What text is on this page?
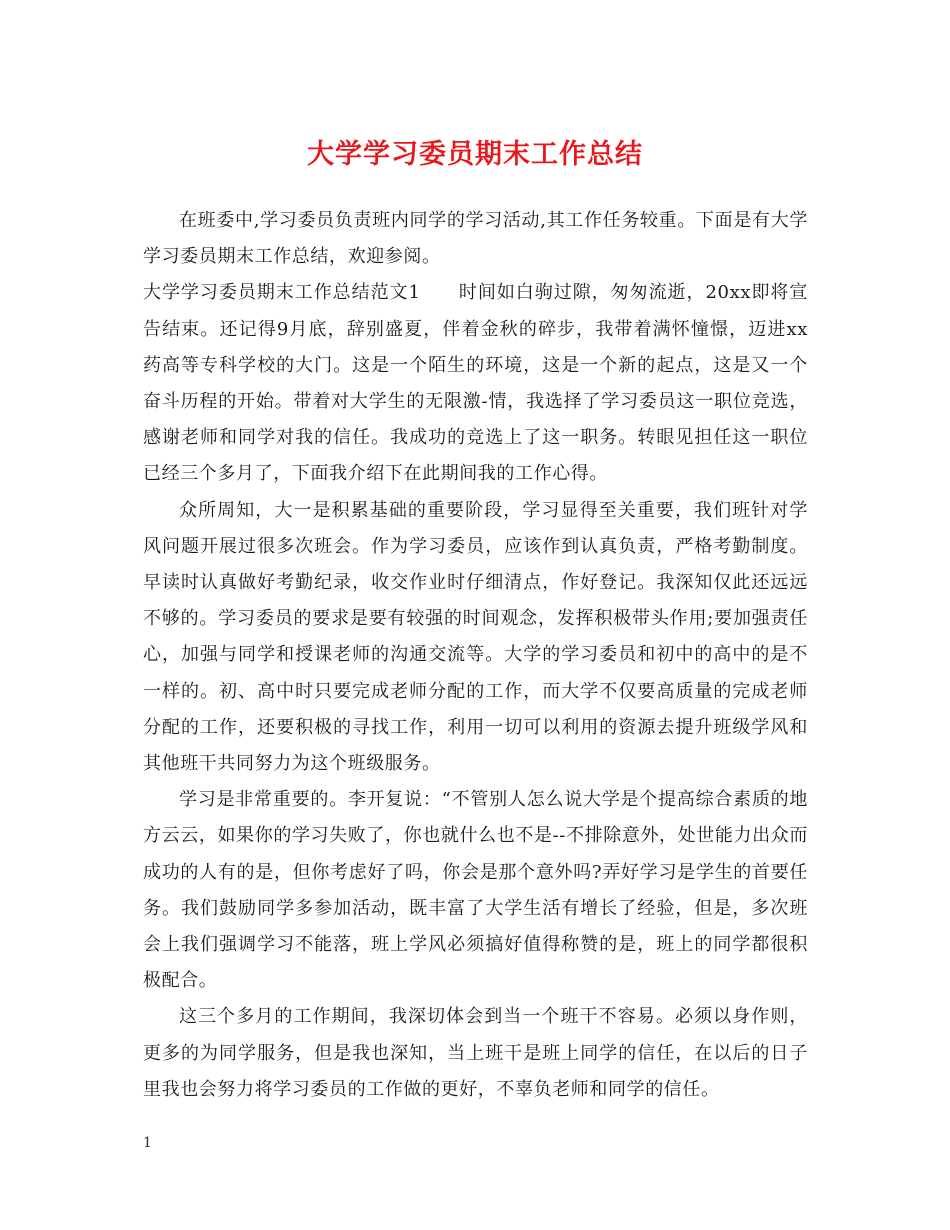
大学学习委员期末工作总结

在班委中,学习委员负责班内同学的学习活动,其工作任务较重。下面是有大学学习委员期末工作总结，欢迎参阅。

大学学习委员期末工作总结范文1　　时间如白驹过隙，匆匆流逝，20xx即将宣告结束。还记得9月底，辞别盛夏，伴着金秋的碎步，我带着满怀憧憬，迈进xx药高等专科学校的大门。这是一个陌生的环境，这是一个新的起点，这是又一个奋斗历程的开始。带着对大学生的无限激-情，我选择了学习委员这一职位竞选，感谢老师和同学对我的信任。我成功的竞选上了这一职务。转眼见担任这一职位已经三个多月了，下面我介绍下在此期间我的工作心得。

众所周知，大一是积累基础的重要阶段，学习显得至关重要，我们班针对学风问题开展过很多次班会。作为学习委员，应该作到认真负责，严格考勤制度。早读时认真做好考勤纪录，收交作业时仔细清点，作好登记。我深知仅此还远远不够的。学习委员的要求是要有较强的时间观念，发挥积极带头作用;要加强责任心，加强与同学和授课老师的沟通交流等。大学的学习委员和初中的高中的是不一样的。初、高中时只要完成老师分配的工作，而大学不仅要高质量的完成老师分配的工作，还要积极的寻找工作，利用一切可以利用的资源去提升班级学风和其他班干共同努力为这个班级服务。

学习是非常重要的。李开复说：“不管别人怎么说大学是个提高综合素质的地方云云，如果你的学习失败了，你也就什么也不是--不排除意外，处世能力出众而成功的人有的是，但你考虑好了吗，你会是那个意外吗?弄好学习是学生的首要任务。我们鼓励同学多参加活动，既丰富了大学生活有增长了经验，但是，多次班会上我们强调学习不能落，班上学风必须搞好值得称赞的是，班上的同学都很积极配合。

这三个多月的工作期间，我深切体会到当一个班干不容易。必须以身作则，更多的为同学服务，但是我也深知，当上班干是班上同学的信任，在以后的日子里我也会努力将学习委员的工作做的更好，不辜负老师和同学的信任。

1
